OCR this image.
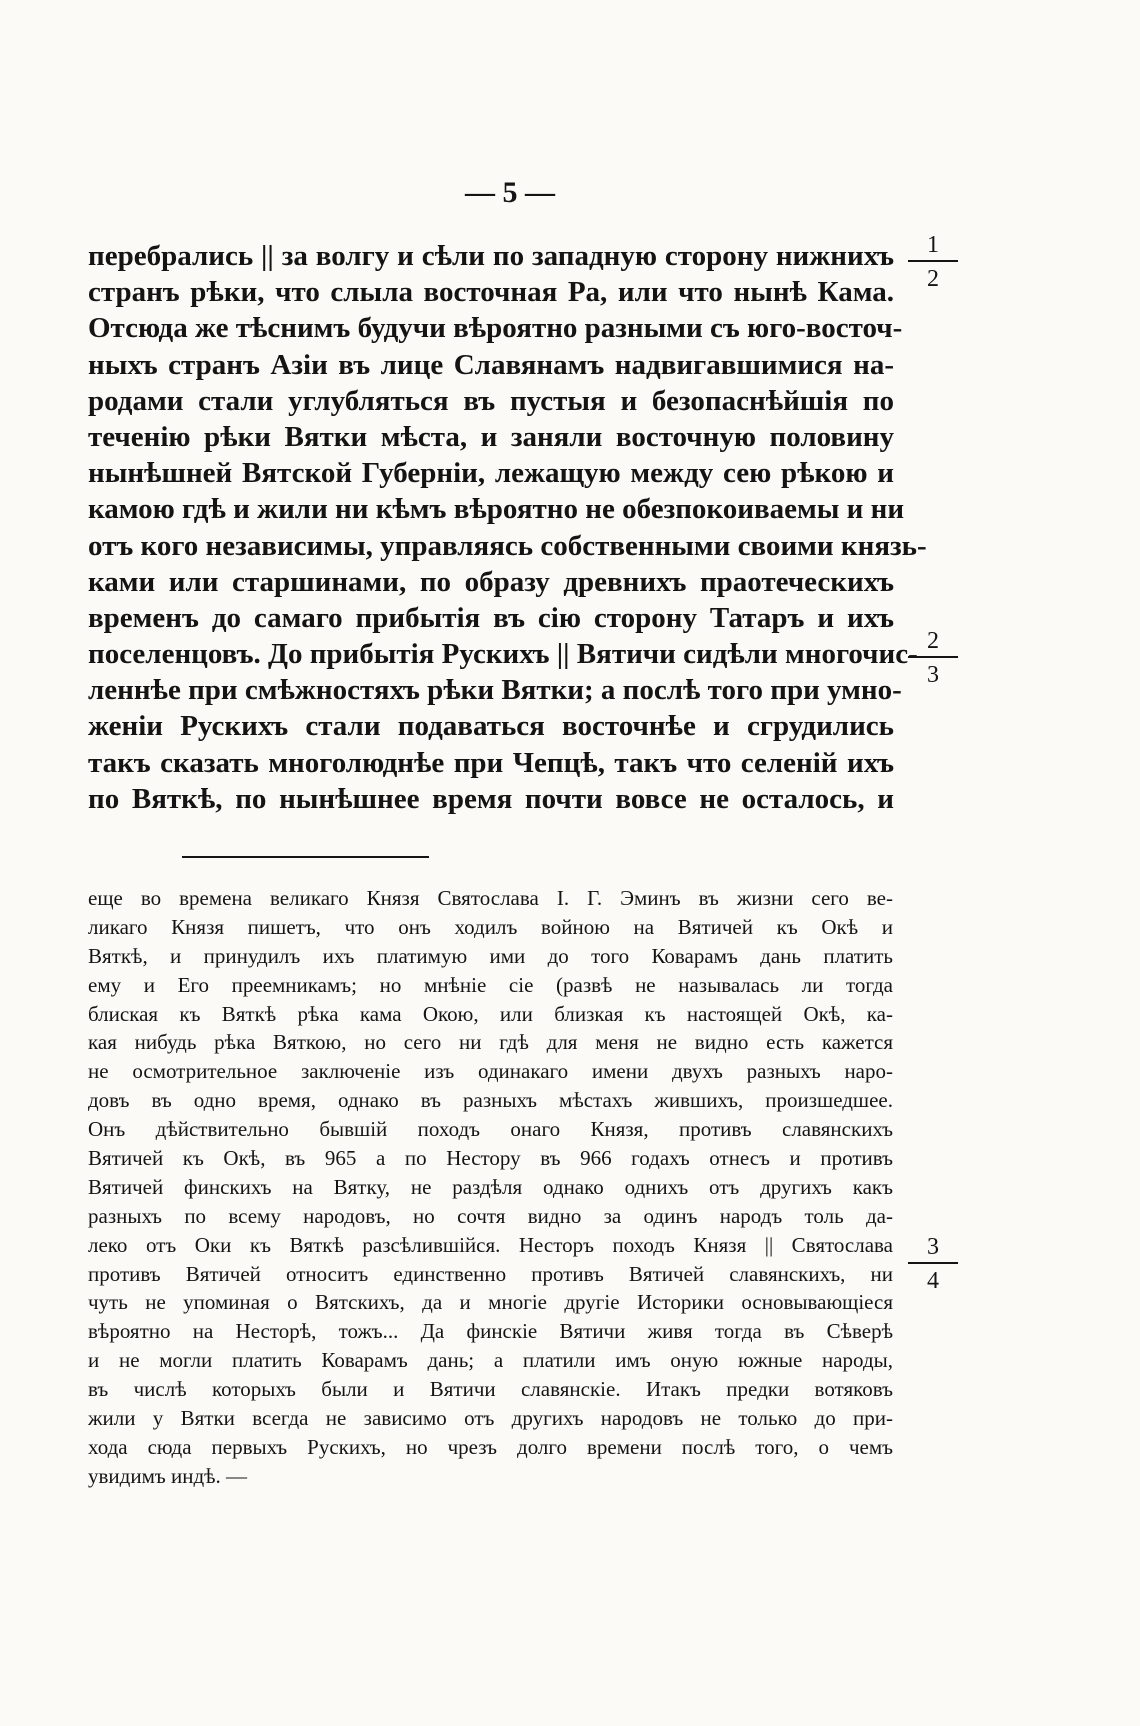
— 5 —
перебрались || за волгу и сѣли по западную сторону нижнихъ
странъ рѣки, что слыла восточная Ра, или что нынѣ Кама.
Отсюда же тѣснимъ будучи вѣроятно разными съ юго-восточ-
ныхъ странъ Азіи въ лице Славянамъ надвигавшимися на-
родами стали углубляться въ пустыя и безопаснѣйшія по
теченію рѣки Вятки мѣста, и заняли восточную половину
нынѣшней Вятской Губерніи, лежащую между сею рѣкою и
камою гдѣ и жили ни кѣмъ вѣроятно не обезпокоиваемы и ни
отъ кого независимы, управляясь собственными своими князь-
ками или старшинами, по образу древнихъ праотеческихъ
временъ до самаго прибытія въ сію сторону Татаръ и ихъ
поселенцовъ. До прибытія Рускихъ || Вятичи сидѣли многочис-
леннѣе при смѣжностяхъ рѣки Вятки; а послѣ того при умно-
женіи Рускихъ стали подаваться восточнѣе и сгрудились
такъ сказать многолюднѣе при Чепцѣ, такъ что селеній ихъ
по Вяткѣ, по нынѣшнее время почти вовсе не осталось, и
еще во времена великаго Князя Святослава I. Г. Эминъ въ жизни сего ве-
ликаго Князя пишетъ, что онъ ходилъ войною на Вятичей къ Окѣ и
Вяткѣ, и принудилъ ихъ платимую ими до того Коварамъ дань платить
ему и Его преемникамъ; но мнѣніе сіе (развѣ не называлась ли тогда
блиская къ Вяткѣ рѣка кама Окою, или близкая къ настоящей Окѣ, ка-
кая нибудь рѣка Вяткою, но сего ни гдѣ для меня не видно есть кажется
не осмотрительное заключеніе изъ одинакаго имени двухъ разныхъ наро-
довъ въ одно время, однако въ разныхъ мѣстахъ жившихъ, произшедшее.
Онъ дѣйствительно бывшій походъ онаго Князя, противъ славянскихъ
Вятичей къ Окѣ, въ 965 а по Нестору въ 966 годахъ отнесъ и противъ
Вятичей финскихъ на Вятку, не раздѣля однако однихъ отъ другихъ какъ
разныхъ по всему народовъ, но сочтя видно за одинъ народъ толь да-
леко отъ Оки къ Вяткѣ разсѣлившійся. Несторъ походъ Князя || Святослава
противъ Вятичей относитъ единственно противъ Вятичей славянскихъ, ни
чуть не упоминая о Вятскихъ, да и многіе другіе Историки основывающіеся
вѣроятно на Несторѣ, тожъ... Да финскіе Вятичи живя тогда въ Сѣверѣ
и не могли платить Коварамъ дань; а платили имъ оную южные народы,
въ числѣ которыхъ были и Вятичи славянскіе. Итакъ предки вотяковъ
жили у Вятки всегда не зависимо отъ другихъ народовъ не только до при-
хода сюда первыхъ Рускихъ, но чрезъ долго времени послѣ того, о чемъ
увидимъ индѣ. —
1
2
2
3
3
4
